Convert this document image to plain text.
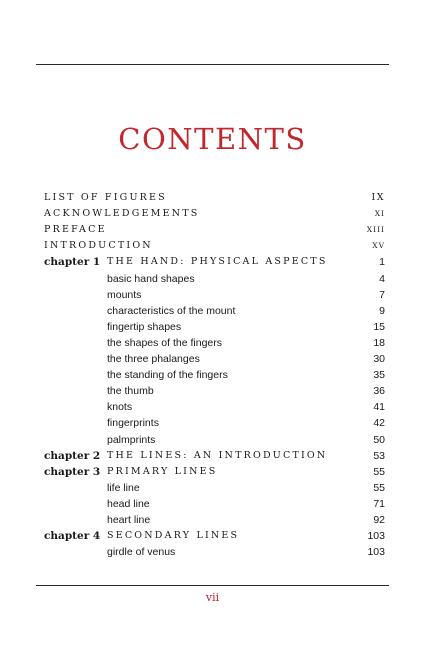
CONTENTS
LIST OF FIGURES	IX
ACKNOWLEDGEMENTS	XI
PREFACE	XIII
INTRODUCTION	XV
chapter 1 THE HAND: PHYSICAL ASPECTS	1
basic hand shapes	4
mounts	7
characteristics of the mount	9
fingertip shapes	15
the shapes of the fingers	18
the three phalanges	30
the standing of the fingers	35
the thumb	36
knots	41
fingerprints	42
palmprints	50
chapter 2 THE LINES: AN INTRODUCTION	53
chapter 3 PRIMARY LINES	55
life line	55
head line	71
heart line	92
chapter 4 SECONDARY LINES	103
girdle of venus	103
vii
